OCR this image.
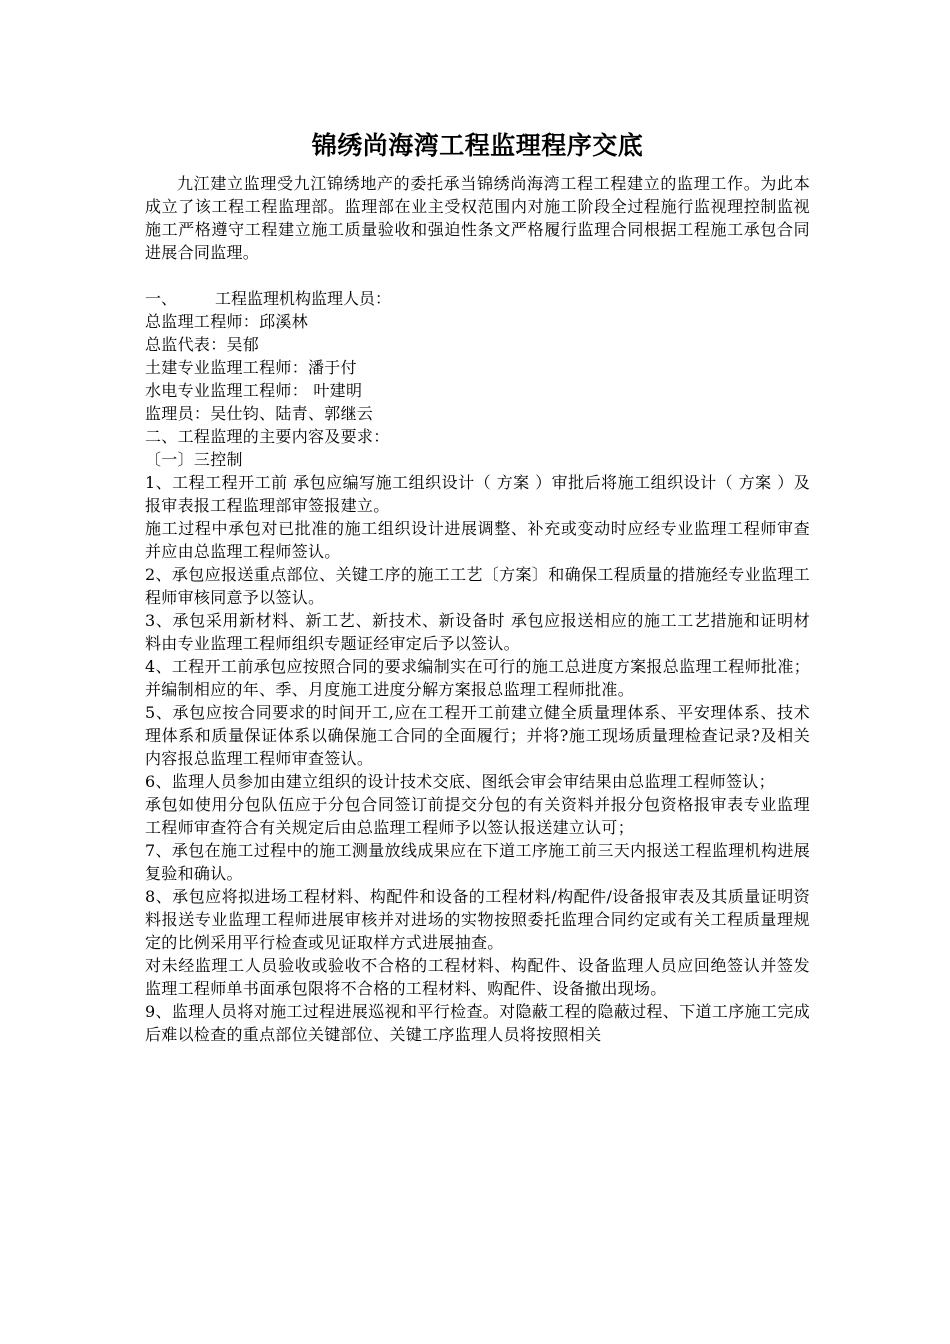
锦绣尚海湾工程监理程序交底

九江建立监理受九江锦绣地产的委托承当锦绣尚海湾工程工程建立的监理工作。为此本成立了该工程工程监理部。监理部在业主受权范围内对施工阶段全过程施行监视理控制监视施工严格遵守工程建立施工质量验收和强迫性条文严格履行监理合同根据工程施工承包合同进展合同监理。

一、	工程监理机构监理人员：

总监理工程师：邱溪林

总监代表：吴郁

土建专业监理工程师：潘于付

水电专业监理工程师： 叶建明

监理员：吴仕钧、陆青、郭继云

二、工程监理的主要内容及要求：

〔一〕三控制

1、工程工程开工前 承包应编写施工组织设计（ 方案 ）审批后将施工组织设计（ 方案 ）及报审表报工程监理部审签报建立。

施工过程中承包对已批准的施工组织设计进展调整、补充或变动时应经专业监理工程师审查并应由总监理工程师签认。

2、承包应报送重点部位、关键工序的施工工艺〔方案〕和确保工程质量的措施经专业监理工程师审核同意予以签认。

3、承包采用新材料、新工艺、新技术、新设备时 承包应报送相应的施工工艺措施和证明材料由专业监理工程师组织专题证经审定后予以签认。

4、工程开工前承包应按照合同的要求编制实在可行的施工总进度方案报总监理工程师批准；并编制相应的年、季、月度施工进度分解方案报总监理工程师批准。

5、承包应按合同要求的时间开工,应在工程开工前建立健全质量理体系、平安理体系、技术理体系和质量保证体系以确保施工合同的全面履行；并将?施工现场质量理检查记录?及相关内容报总监理工程师审查签认。

6、监理人员参加由建立组织的设计技术交底、图纸会审会审结果由总监理工程师签认；

承包如使用分包队伍应于分包合同签订前提交分包的有关资料并报分包资格报审表专业监理工程师审查符合有关规定后由总监理工程师予以签认报送建立认可；

7、承包在施工过程中的施工测量放线成果应在下道工序施工前三天内报送工程监理机构进展复验和确认。

8、承包应将拟进场工程材料、构配件和设备的工程材料/构配件/设备报审表及其质量证明资料报送专业监理工程师进展审核并对进场的实物按照委托监理合同约定或有关工程质量理规定的比例采用平行检查或见证取样方式进展抽查。

对未经监理工人员验收或验收不合格的工程材料、构配件、设备监理人员应回绝签认并签发监理工程师单书面承包限将不合格的工程材料、购配件、设备撤出现场。

9、监理人员将对施工过程进展巡视和平行检查。对隐蔽工程的隐蔽过程、下道工序施工完成后难以检查的重点部位关键部位、关键工序监理人员将按照相关
